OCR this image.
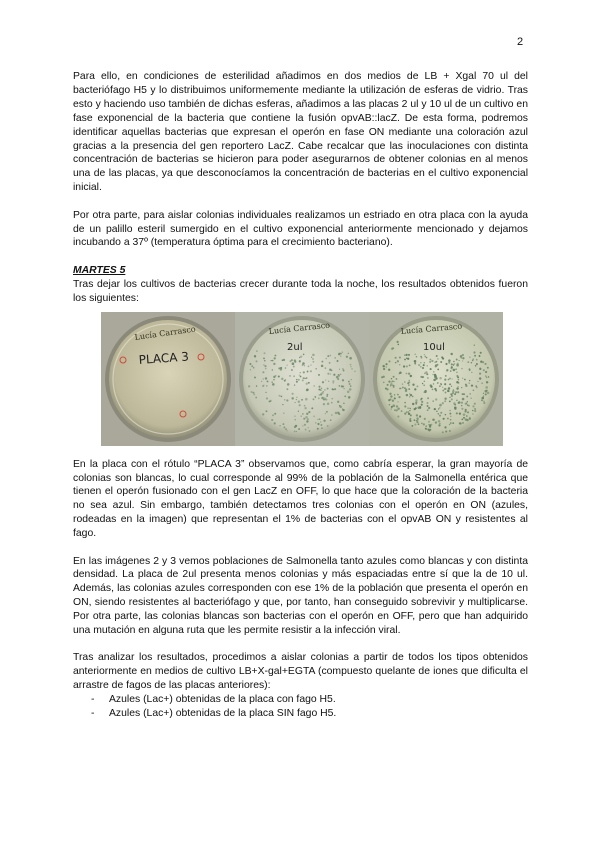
2

Para ello, en condiciones de esterilidad añadimos en dos medios de LB + Xgal 70 ul del bacteriófago H5 y lo distribuimos uniformemente mediante la utilización de esferas de vidrio. Tras esto y haciendo uso también de dichas esferas, añadimos a las placas 2 ul y 10 ul de un cultivo en fase exponencial de la bacteria que contiene la fusión opvAB::lacZ. De esta forma, podremos identificar aquellas bacterias que expresan el operón en fase ON mediante una coloración azul gracias a la presencia del gen reportero LacZ. Cabe recalcar que las inoculaciones con distinta concentración de bacterias se hicieron para poder asegurarnos de obtener colonias en al menos una de las placas, ya que desconocíamos la concentración de bacterias en el cultivo exponencial inicial.

Por otra parte, para aislar colonias individuales realizamos un estriado en otra placa con la ayuda de un palillo esteril sumergido en el cultivo exponencial anteriormente mencionado y dejamos incubando a 37º (temperatura óptima para el crecimiento bacteriano).

MARTES 5

Tras dejar los cultivos de bacterias crecer durante toda la noche, los resultados obtenidos fueron los siguientes:

Lucía Carrasco
PLACA 3
Lucía Carrasco
2ul
Lucía Carrasco
10ul

En la placa con el rótulo “PLACA 3” observamos que, como cabría esperar, la gran mayoría de colonias son blancas, lo cual corresponde al 99% de la población de la Salmonella entérica que tienen el operón fusionado con el gen LacZ en OFF, lo que hace que la coloración de la bacteria no sea azul. Sin embargo, también detectamos tres colonias con el operón en ON (azules, rodeadas en la imagen) que representan el 1% de bacterias con el opvAB ON y resistentes al fago.

En las imágenes 2 y 3 vemos poblaciones de Salmonella tanto azules como blancas y con distinta densidad. La placa de 2ul presenta menos colonias y más espaciadas entre sí que la de 10 ul. Además, las colonias azules corresponden con ese 1% de la población que presenta el operón en ON, siendo resistentes al bacteriófago y que, por tanto, han conseguido sobrevivir y multiplicarse. Por otra parte, las colonias blancas son bacterias con el operón en OFF, pero que han adquirido una mutación en alguna ruta que les permite resistir a la infección viral.

Tras analizar los resultados, procedimos a aislar colonias a partir de todos los tipos obtenidos anteriormente en medios de cultivo LB+X-gal+EGTA (compuesto quelante de iones que dificulta el arrastre de fagos de las placas anteriores):

- Azules (Lac+) obtenidas de la placa con fago H5.
- Azules (Lac+) obtenidas de la placa SIN fago H5.
